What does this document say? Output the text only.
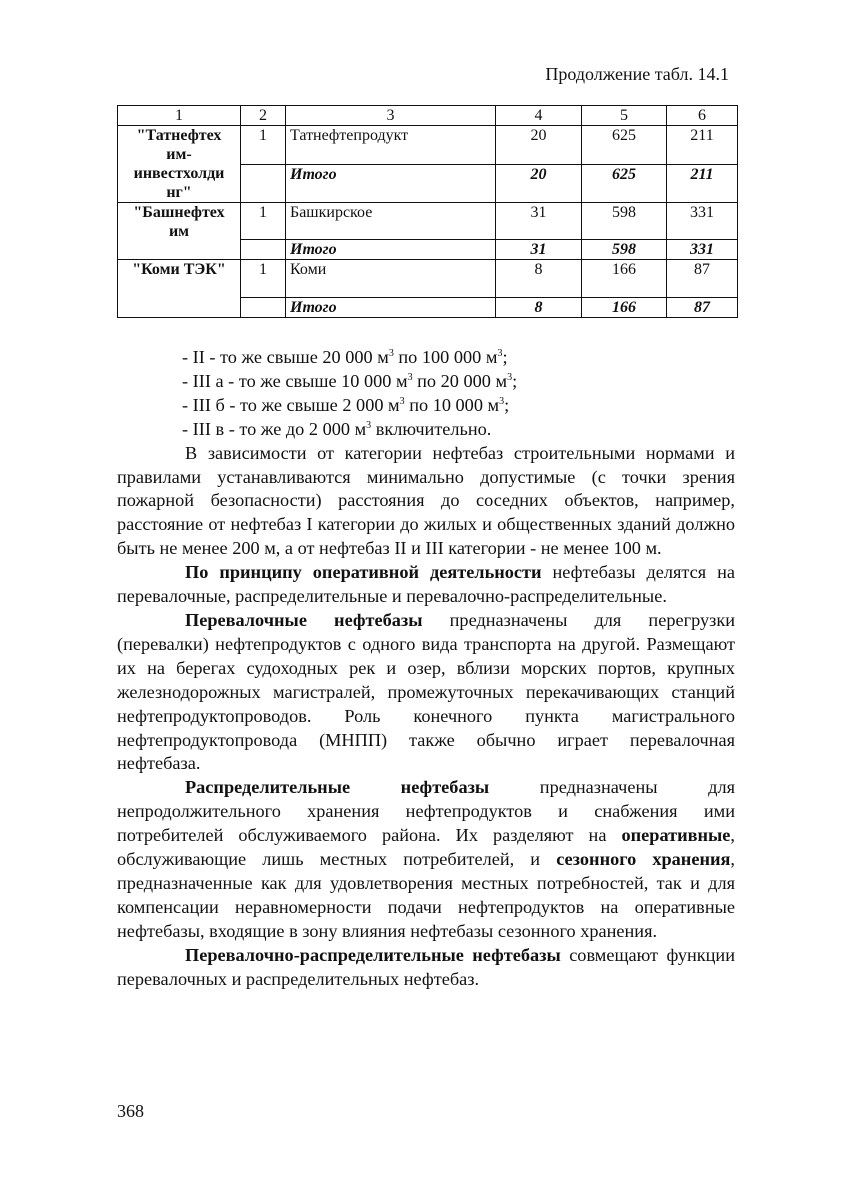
Продолжение табл. 14.1
1	2	3	4	5	6
"Татнефтех им-инвестхолди нг"	1	Татнефтепродукт	20	625	211
		Итого	20	625	211
"Башнефтех им	1	Башкирское	31	598	331
		Итого	31	598	331
"Коми ТЭК"	1	Коми	8	166	87
		Итого	8	166	87

- II - то же свыше 20 000 $м^3$ по 100 000 $м^3$;

- III а - то же свыше 10 000 $м^3$ по 20 000 $м^3$;

- III б - то же свыше 2 000 $м^3$ по 10 000 $м^3$;

- III в - то же до 2 000 $м^3$ включительно.

В зависимости от категории нефтебаз строительными нормами и правилами устанавливаются минимально допустимые (с точки зрения пожарной безопасности) расстояния до соседних объектов, например, расстояние от нефтебаз I категории до жилых и общественных зданий должно быть не менее 200 м, а от нефтебаз II и III категории - не менее 100 м.

По принципу оперативной деятельности нефтебазы делятся на перевалочные, распределительные и перевалочно-распределительные.

Перевалочные нефтебазы предназначены для перегрузки (перевалки) нефтепродуктов с одного вида транспорта на другой. Размещают их на берегах судоходных рек и озер, вблизи морских портов, крупных железнодорожных магистралей, промежуточных перекачивающих станций нефтепродуктопроводов. Роль конечного пункта магистрального нефтепродуктопровода (МНПП) также обычно играет перевалочная нефтебаза.

Распределительные нефтебазы предназначены для непродолжительного хранения нефтепродуктов и снабжения ими потребителей обслуживаемого района. Их разделяют на оперативные, обслуживающие лишь местных потребителей, и сезонного хранения, предназначенные как для удовлетворения местных потребностей, так и для компенсации неравномерности подачи нефтепродуктов на оперативные нефтебазы, входящие в зону влияния нефтебазы сезонного хранения.

Перевалочно-распределительные нефтебазы совмещают функции перевалочных и распределительных нефтебаз.

368
